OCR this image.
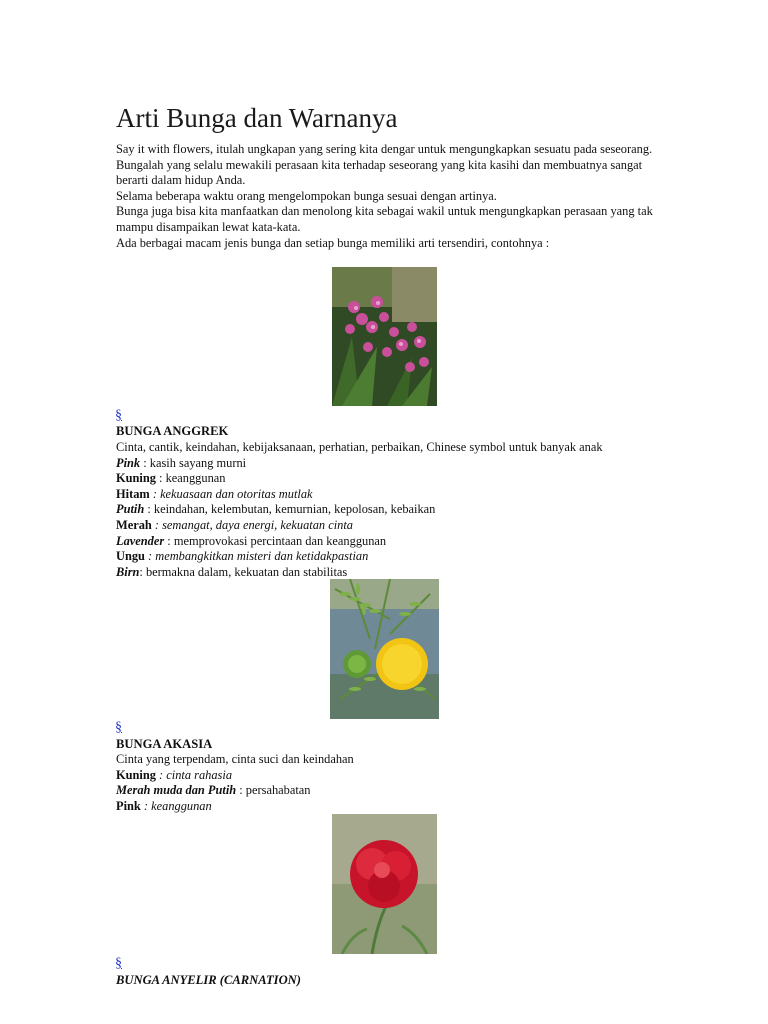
Arti Bunga dan Warnanya

Say it with flowers, itulah ungkapan yang sering kita dengar untuk mengungkapkan sesuatu pada seseorang.

Bungalah yang selalu mewakili perasaan kita terhadap seseorang yang kita kasihi dan membuatnya sangat berarti dalam hidup Anda.

Selama beberapa waktu orang mengelompokan bunga sesuai dengan artinya.

Bunga juga bisa kita manfaatkan dan menolong kita sebagai wakil untuk mengungkapkan perasaan yang tak mampu disampaikan lewat kata-kata.

Ada berbagai macam jenis bunga dan setiap bunga memiliki arti tersendiri, contohnya :

§
BUNGA ANGGREK
Cinta, cantik, keindahan, kebijaksanaan, perhatian, perbaikan, Chinese symbol untuk banyak anak
Pink : kasih sayang murni
Kuning : keanggunan
Hitam : kekuasaan dan otoritas mutlak
Putih : keindahan, kelembutan, kemurnian, kepolosan, kebaikan
Merah : semangat, daya energi, kekuatan cinta
Lavender : memprovokasi percintaan dan keanggunan
Ungu : membangkitkan misteri dan ketidakpastian
Birn: bermakna dalam, kekuatan dan stabilitas
§
BUNGA AKASIA
Cinta yang terpendam, cinta suci dan keindahan
Kuning : cinta rahasia
Merah muda dan Putih : persahabatan
Pink : keanggunan
§
BUNGA ANYELIR (CARNATION)
